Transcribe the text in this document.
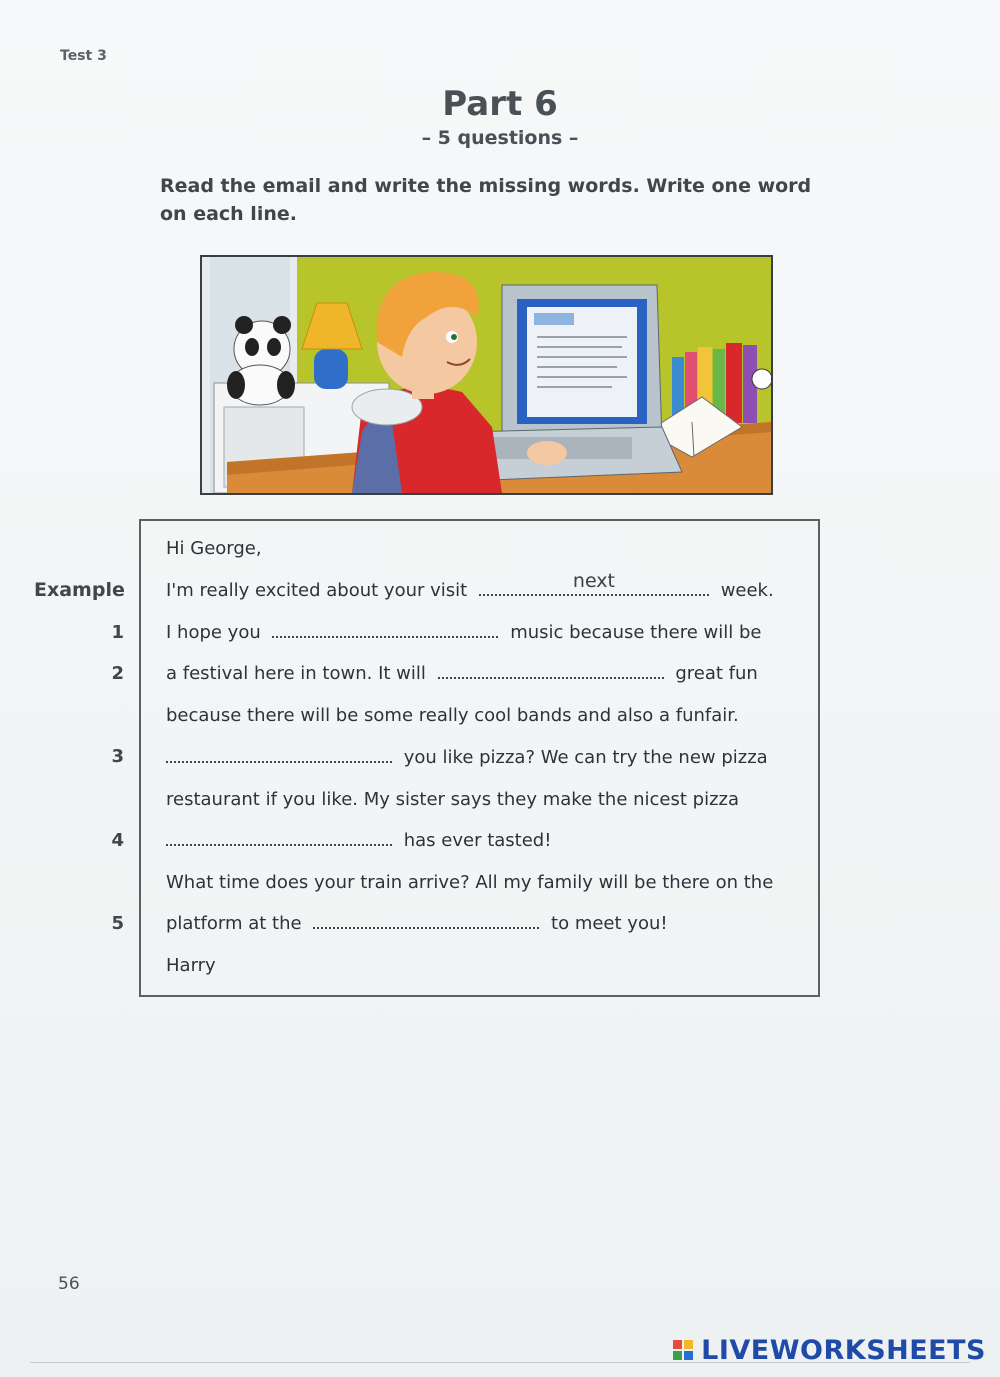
Test 3
Part 6
– 5 questions –
Read the email and write the missing words. Write one word on each line.
Hi George,
Example I'm really excited about your visit	next	week.
1 I hope you	music because there will be
2 a festival here in town. It will	great fun
because there will be some really cool bands and also a funfair.
3	you like pizza? We can try the new pizza
restaurant if you like. My sister says they make the nicest pizza
4	has ever tasted!
What time does your train arrive? All my family will be there on the
5 platform at the	to meet you!
Harry
56
LIVEWORKSHEETS
